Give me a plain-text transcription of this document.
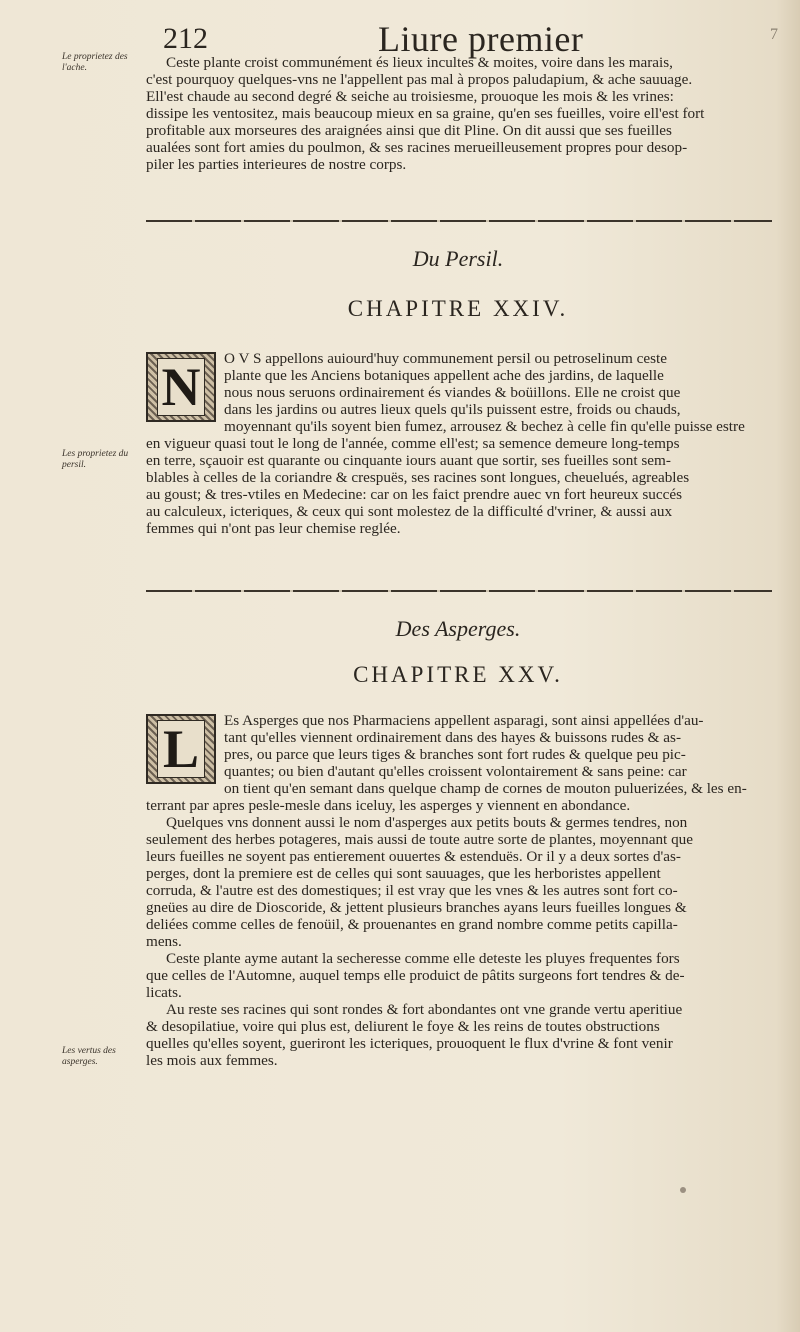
212	Liure premier	7
Le proprietez des l'ache.
Les proprietez du persil.
Les vertus des asperges.

Ceste plante croist communément és lieux incultes & moites, voire dans les marais,

c'est pourquoy quelques-vns ne l'appellent pas mal à propos paludapium, & ache sauuage.

Ell'est chaude au second degré & seiche au troisiesme, prouoque les mois & les vrines:

dissipe les ventositez, mais beaucoup mieux en sa graine, qu'en ses fueilles, voire ell'est fort

profitable aux morseures des araignées ainsi que dit Pline. On dit aussi que ses fueilles

aualées sont fort amies du poulmon, & ses racines merueilleusement propres pour desop-

piler les parties interieures de nostre corps.

Du Persil.
CHAPITRE XXIV.
N	O V S appellons auiourd'huy communement persil ou petroselinum ceste

plante que les Anciens botaniques appellent ache des jardins, de laquelle

nous nous seruons ordinairement és viandes & boüillons. Elle ne croist que

dans les jardins ou autres lieux quels qu'ils puissent estre, froids ou chauds,

moyennant qu'ils soyent bien fumez, arrousez & bechez à celle fin qu'elle puisse estre

en vigueur quasi tout le long de l'année, comme ell'est; sa semence demeure long-temps

en terre, sçauoir est quarante ou cinquante iours auant que sortir, ses fueilles sont sem-

blables à celles de la coriandre & crespuës, ses racines sont longues, cheuelués, agreables

au goust; & tres-vtiles en Medecine: car on les faict prendre auec vn fort heureux succés

au calculeux, icteriques, & ceux qui sont molestez de la difficulté d'vriner, & aussi aux

femmes qui n'ont pas leur chemise reglée.

Des Asperges.
CHAPITRE XXV.
L	Es Asperges que nos Pharmaciens appellent asparagi, sont ainsi appellées d'au-

tant qu'elles viennent ordinairement dans des hayes & buissons rudes & as-

pres, ou parce que leurs tiges & branches sont fort rudes & quelque peu pic-

quantes; ou bien d'autant qu'elles croissent volontairement & sans peine: car

on tient qu'en semant dans quelque champ de cornes de mouton puluerizées, & les en-

terrant par apres pesle-mesle dans iceluy, les asperges y viennent en abondance.

Quelques vns donnent aussi le nom d'asperges aux petits bouts & germes tendres, non

seulement des herbes potageres, mais aussi de toute autre sorte de plantes, moyennant que

leurs fueilles ne soyent pas entierement ouuertes & estenduës. Or il y a deux sortes d'as-

perges, dont la premiere est de celles qui sont sauuages, que les herboristes appellent

corruda, & l'autre est des domestiques; il est vray que les vnes & les autres sont fort co-

gneües au dire de Dioscoride, & jettent plusieurs branches ayans leurs fueilles longues &

deliées comme celles de fenoüil, & prouenantes en grand nombre comme petits capilla-

mens.

Ceste plante ayme autant la secheresse comme elle deteste les pluyes frequentes fors

que celles de l'Automne, auquel temps elle produict de pâtits surgeons fort tendres & de-

licats.

Au reste ses racines qui sont rondes & fort abondantes ont vne grande vertu aperitiue

& desopilatiue, voire qui plus est, deliurent le foye & les reins de toutes obstructions

quelles qu'elles soyent, gueriront les icteriques, prouoquent le flux d'vrine & font venir

les mois aux femmes.
